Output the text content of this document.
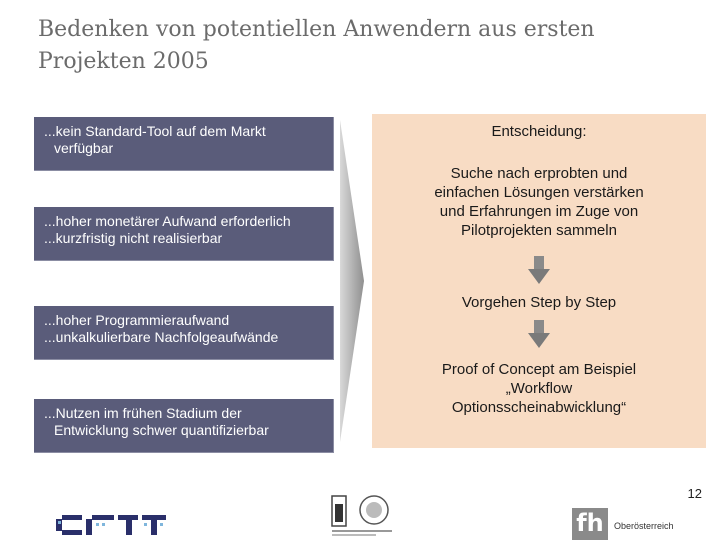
Bedenken von potentiellen Anwendern aus ersten
Projekten 2005
...kein Standard-Tool auf dem Markt
verfügbar
...hoher monetärer Aufwand erforderlich
...kurzfristig nicht realisierbar
...hoher Programmieraufwand
...unkalkulierbare Nachfolgeaufwände
...Nutzen im frühen Stadium der
Entwicklung schwer quantifizierbar
Entscheidung:
Suche nach erprobten und
einfachen Lösungen verstärken
und Erfahrungen im Zuge von
Pilotprojekten sammeln
Vorgehen Step by Step
Proof of Concept am Beispiel
„Workflow
Optionsscheinabwicklung“
12
fh	Oberösterreich
